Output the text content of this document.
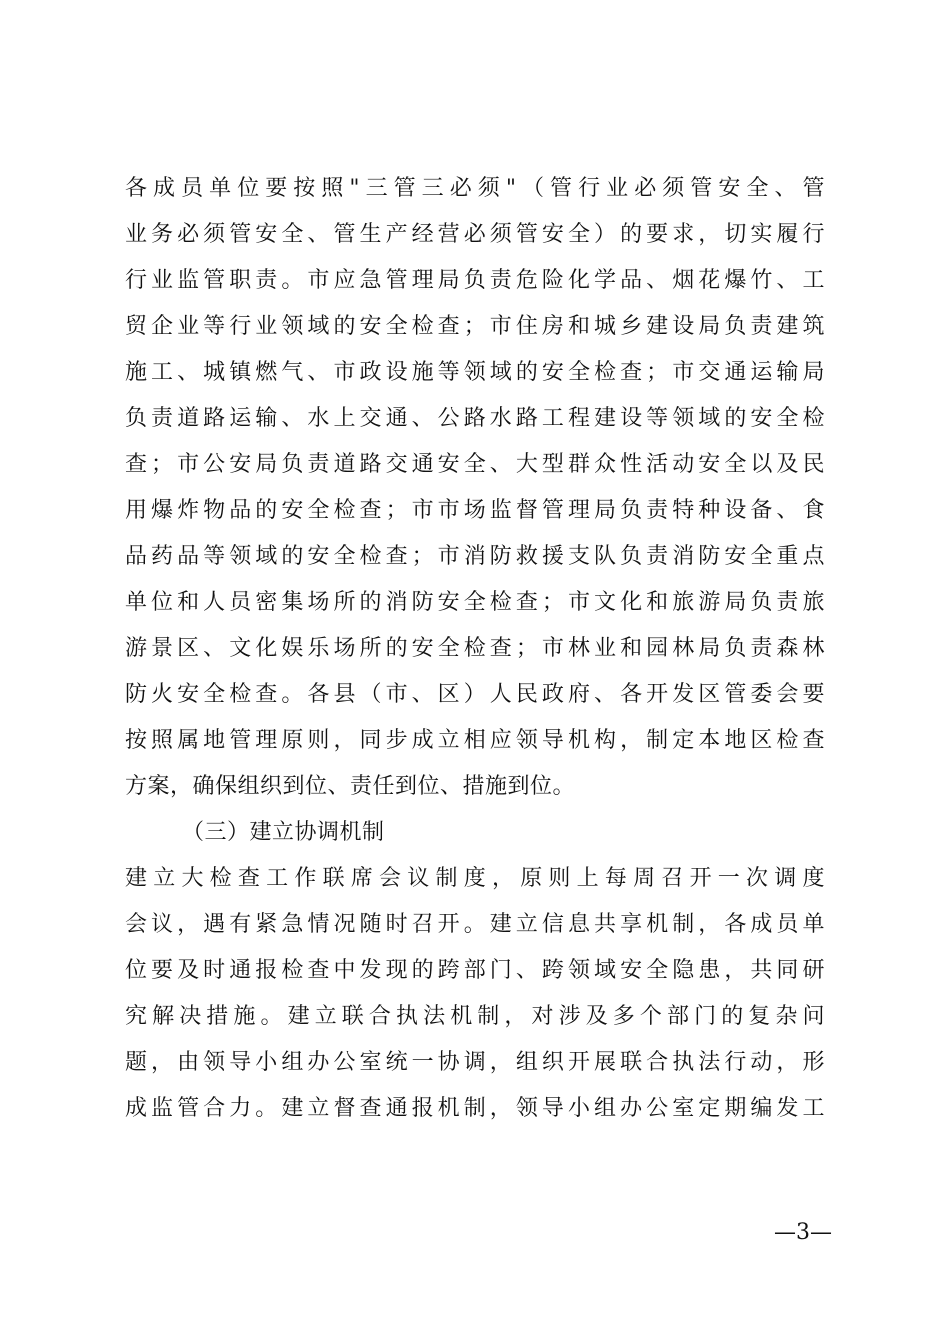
各成员单位要按照"三管三必须"（管行业必须管安全、管
业务必须管安全、管生产经营必须管安全）的要求，切实履行
行业监管职责。市应急管理局负责危险化学品、烟花爆竹、工
贸企业等行业领域的安全检查；市住房和城乡建设局负责建筑
施工、城镇燃气、市政设施等领域的安全检查；市交通运输局
负责道路运输、水上交通、公路水路工程建设等领域的安全检
查；市公安局负责道路交通安全、大型群众性活动安全以及民
用爆炸物品的安全检查；市市场监督管理局负责特种设备、食
品药品等领域的安全检查；市消防救援支队负责消防安全重点
单位和人员密集场所的消防安全检查；市文化和旅游局负责旅
游景区、文化娱乐场所的安全检查；市林业和园林局负责森林
防火安全检查。各县（市、区）人民政府、各开发区管委会要
按照属地管理原则，同步成立相应领导机构，制定本地区检查
方案，确保组织到位、责任到位、措施到位。
（三）建立协调机制
建立大检查工作联席会议制度，原则上每周召开一次调度
会议，遇有紧急情况随时召开。建立信息共享机制，各成员单
位要及时通报检查中发现的跨部门、跨领域安全隐患，共同研
究解决措施。建立联合执法机制，对涉及多个部门的复杂问
题，由领导小组办公室统一协调，组织开展联合执法行动，形
成监管合力。建立督查通报机制，领导小组办公室定期编发工
—3—
